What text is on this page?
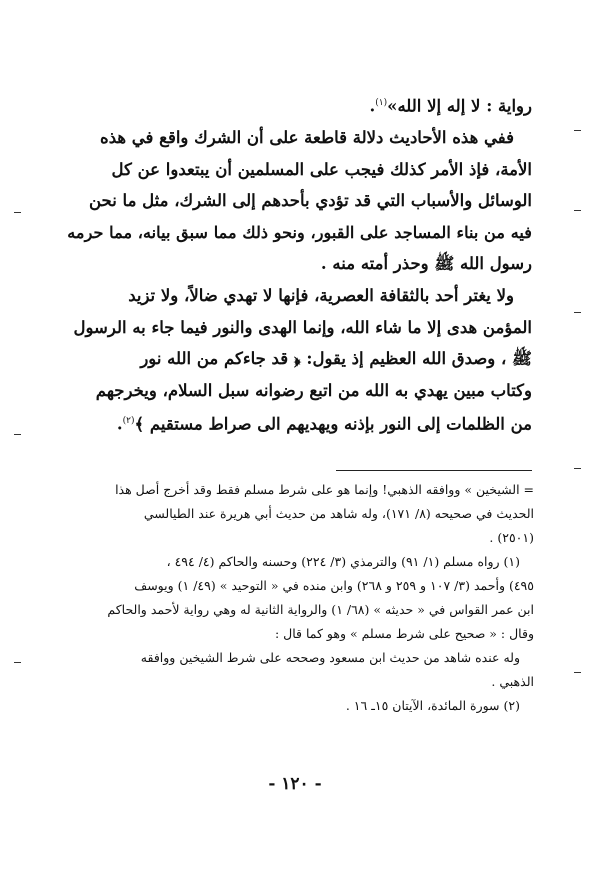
رواية : لا إله إلا الله»$^{(١)}$.
ففي هذه الأحاديث دلالة قاطعة على أن الشرك واقع في هذه
الأمة، فإذ الأمر كذلك فيجب على المسلمين أن يبتعدوا عن كل
الوسائل والأسباب التي قد تؤدي بأحدهم إلى الشرك، مثل ما نحن
فيه من بناء المساجد على القبور، ونحو ذلك مما سبق بيانه، مما حرمه
رسول الله ﷺ وحذر أمته منه .
ولا يغتر أحد بالثقافة العصرية، فإنها لا تهدي ضالاً، ولا تزيد
المؤمن هدى إلا ما شاء الله، وإنما الهدى والنور فيما جاء به الرسول
ﷺ ، وصدق الله العظيم إذ يقول: ﴿ قد جاءكم من الله نور
وكتاب مبين يهدي به الله من اتبع رضوانه سبل السلام، ويخرجهم
من الظلمات إلى النور بإذنه ويهديهم الى صراط مستقيم ﴾$^{(٢)}$.
= الشيخين » ووافقه الذهبي! وإنما هو على شرط مسلم فقط وقد أخرج أصل هذا
الحديث في صحيحه (٨/ ١٧١)، وله شاهد من حديث أبي هريرة عند الطيالسي
(٢٥٠١) .
(١) رواه مسلم (١/ ٩١) والترمذي (٣/ ٢٢٤) وحسنه والحاكم (٤/ ٤٩٤ ،
٤٩٥) وأحمد (٣/ ١٠٧ و ٢٥٩ و ٢٦٨) وابن منده في « التوحيد » (٤٩/ ١) ويوسف
ابن عمر القواس في « حديثه » (٦٨/ ١) والرواية الثانية له وهي رواية لأحمد والحاكم
وقال : « صحيح على شرط مسلم » وهو كما قال :
وله عنده شاهد من حديث ابن مسعود وصححه على شرط الشيخين ووافقه
الذهبي .
(٢) سورة المائدة، الآيتان ١٥ـ ١٦ .
- ١٢٠ -
